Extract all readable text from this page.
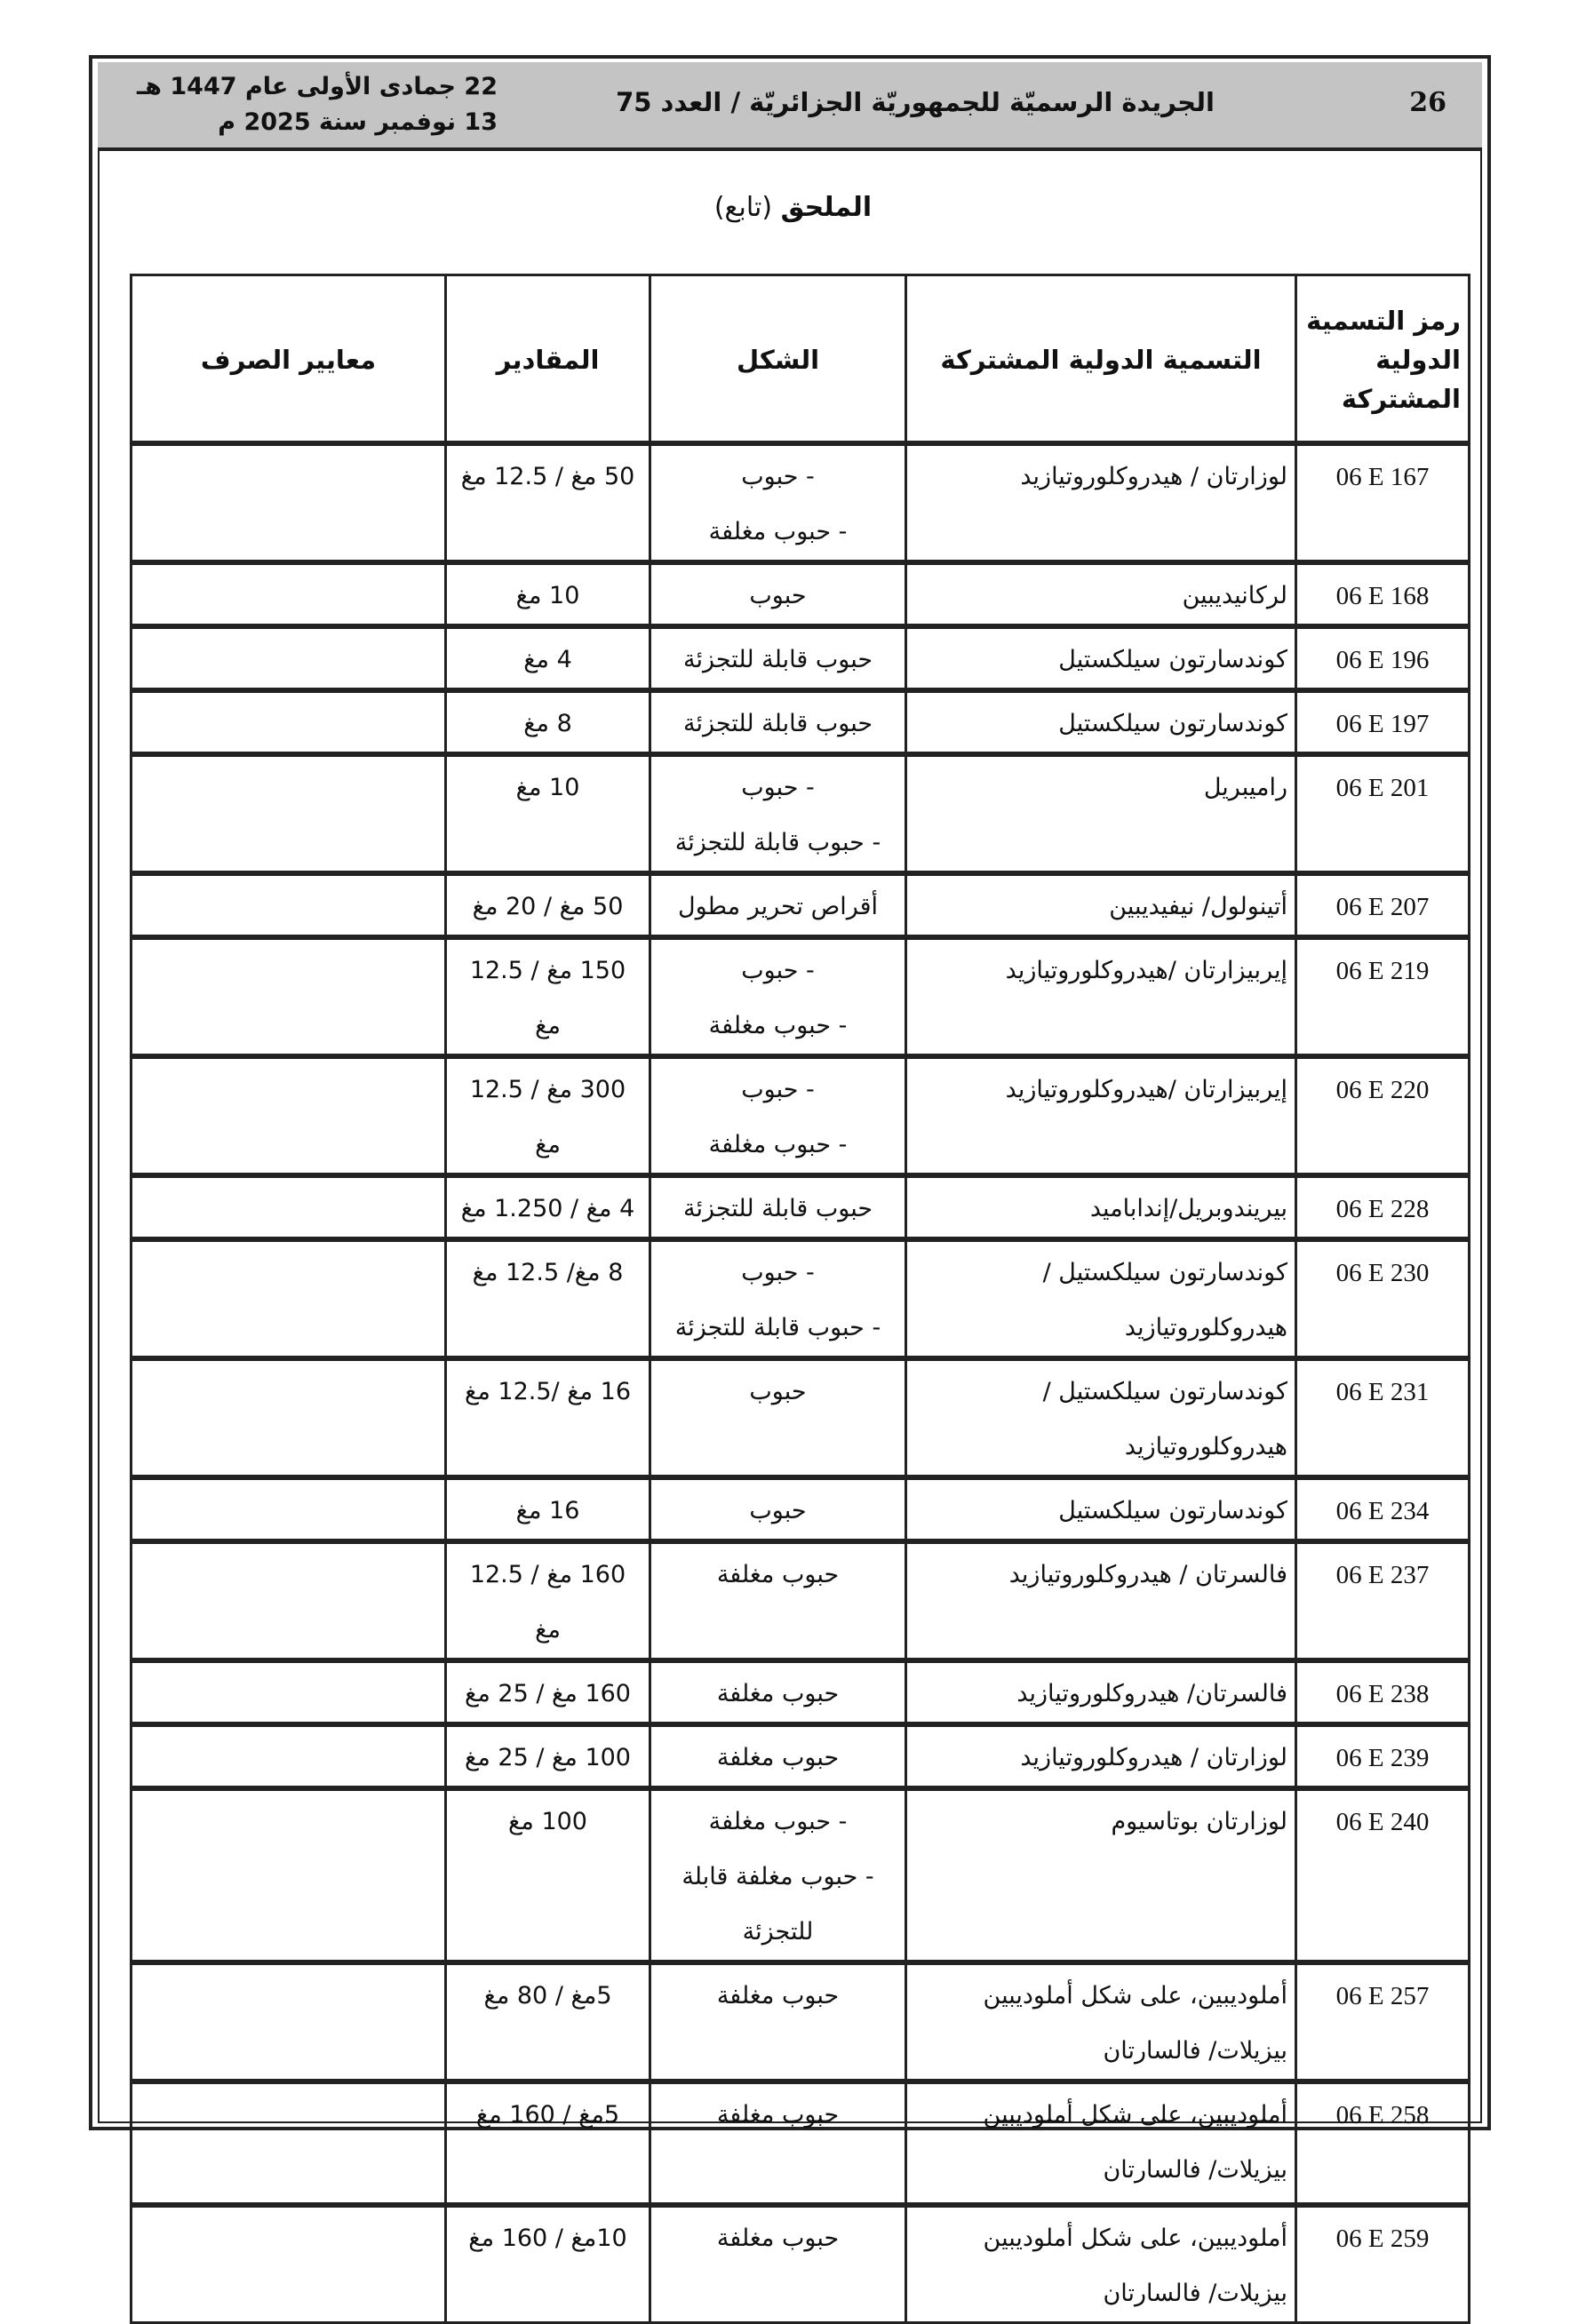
26
الجريدة الرسميّة للجمهوريّة الجزائريّة / العدد 75
22 جمادى الأولى عام 1447 هـ
13 نوفمبر سنة 2025 م
الملحق (تابع)
رمز التسمية الدولية المشتركة	التسمية الدولية المشتركة	الشكل	المقادير	معايير الصرف
06 E 167	لوزارتان / هيدروكلوروتيازيد	- حبوب
- حبوب مغلفة	50 مغ / 12.5 مغ	
06 E 168	لركانيديبين	حبوب	10 مغ	
06 E 196	كوندسارتون سيلكستيل	حبوب قابلة للتجزئة	4 مغ	
06 E 197	كوندسارتون سيلكستيل	حبوب قابلة للتجزئة	8 مغ	
06 E 201	راميبريل	- حبوب
- حبوب قابلة للتجزئة	10 مغ	
06 E 207	أتينولول/ نيفيديبين	أقراص تحرير مطول	50 مغ / 20 مغ	
06 E 219	إيربيزارتان /هيدروكلوروتيازيد	- حبوب
- حبوب مغلفة	150 مغ / 12.5 مغ	
06 E 220	إيربيزارتان /هيدروكلوروتيازيد	- حبوب
- حبوب مغلفة	300 مغ / 12.5 مغ	
06 E 228	بيريندوبريل/إنداباميد	حبوب قابلة للتجزئة	4 مغ / 1.250 مغ	
06 E 230	كوندسارتون سيلكستيل /
هيدروكلوروتيازيد	- حبوب
- حبوب قابلة للتجزئة	8 مغ/ 12.5 مغ	
06 E 231	كوندسارتون سيلكستيل /
هيدروكلوروتيازيد	حبوب	16 مغ /12.5 مغ	
06 E 234	كوندسارتون سيلكستيل	حبوب	16 مغ	
06 E 237	فالسرتان / هيدروكلوروتيازيد	حبوب مغلفة	160 مغ / 12.5 مغ	
06 E 238	فالسرتان/ هيدروكلوروتيازيد	حبوب مغلفة	160 مغ / 25 مغ	
06 E 239	لوزارتان / هيدروكلوروتيازيد	حبوب مغلفة	100 مغ / 25 مغ	
06 E 240	لوزارتان بوتاسيوم	- حبوب مغلفة
- حبوب مغلفة قابلة
للتجزئة	100 مغ	
06 E 257	أملوديبين، على شكل أملوديبين
بيزيلات/ فالسارتان	حبوب مغلفة	5مغ / 80 مغ	
06 E 258	أملوديبين، على شكل أملوديبين
بيزيلات/ فالسارتان	حبوب مغلفة	5مغ / 160 مغ	
06 E 259	أملوديبين، على شكل أملوديبين
بيزيلات/ فالسارتان	حبوب مغلفة	10مغ / 160 مغ	
